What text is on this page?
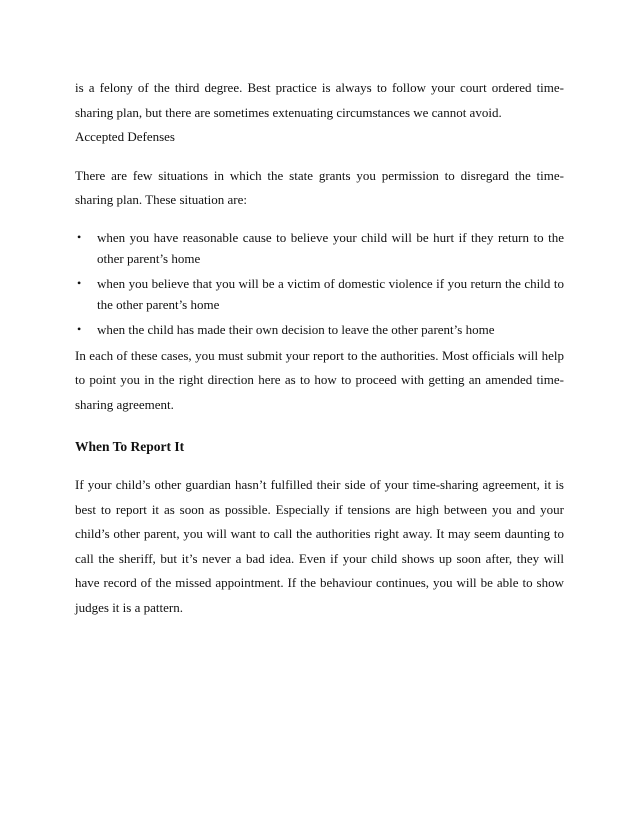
is a felony of the third degree. Best practice is always to follow your court ordered time-sharing plan, but there are sometimes extenuating circumstances we cannot avoid.

Accepted Defenses

There are few situations in which the state grants you permission to disregard the time-sharing plan. These situation are:

• when you have reasonable cause to believe your child will be hurt if they return to the other parent’s home
• when you believe that you will be a victim of domestic violence if you return the child to the other parent’s home
• when the child has made their own decision to leave the other parent’s home

In each of these cases, you must submit your report to the authorities. Most officials will help to point you in the right direction here as to how to proceed with getting an amended time-sharing agreement.

When To Report It

If your child’s other guardian hasn’t fulfilled their side of your time-sharing agreement, it is best to report it as soon as possible. Especially if tensions are high between you and your child’s other parent, you will want to call the authorities right away. It may seem daunting to call the sheriff, but it’s never a bad idea. Even if your child shows up soon after, they will have record of the missed appointment. If the behaviour continues, you will be able to show judges it is a pattern.
